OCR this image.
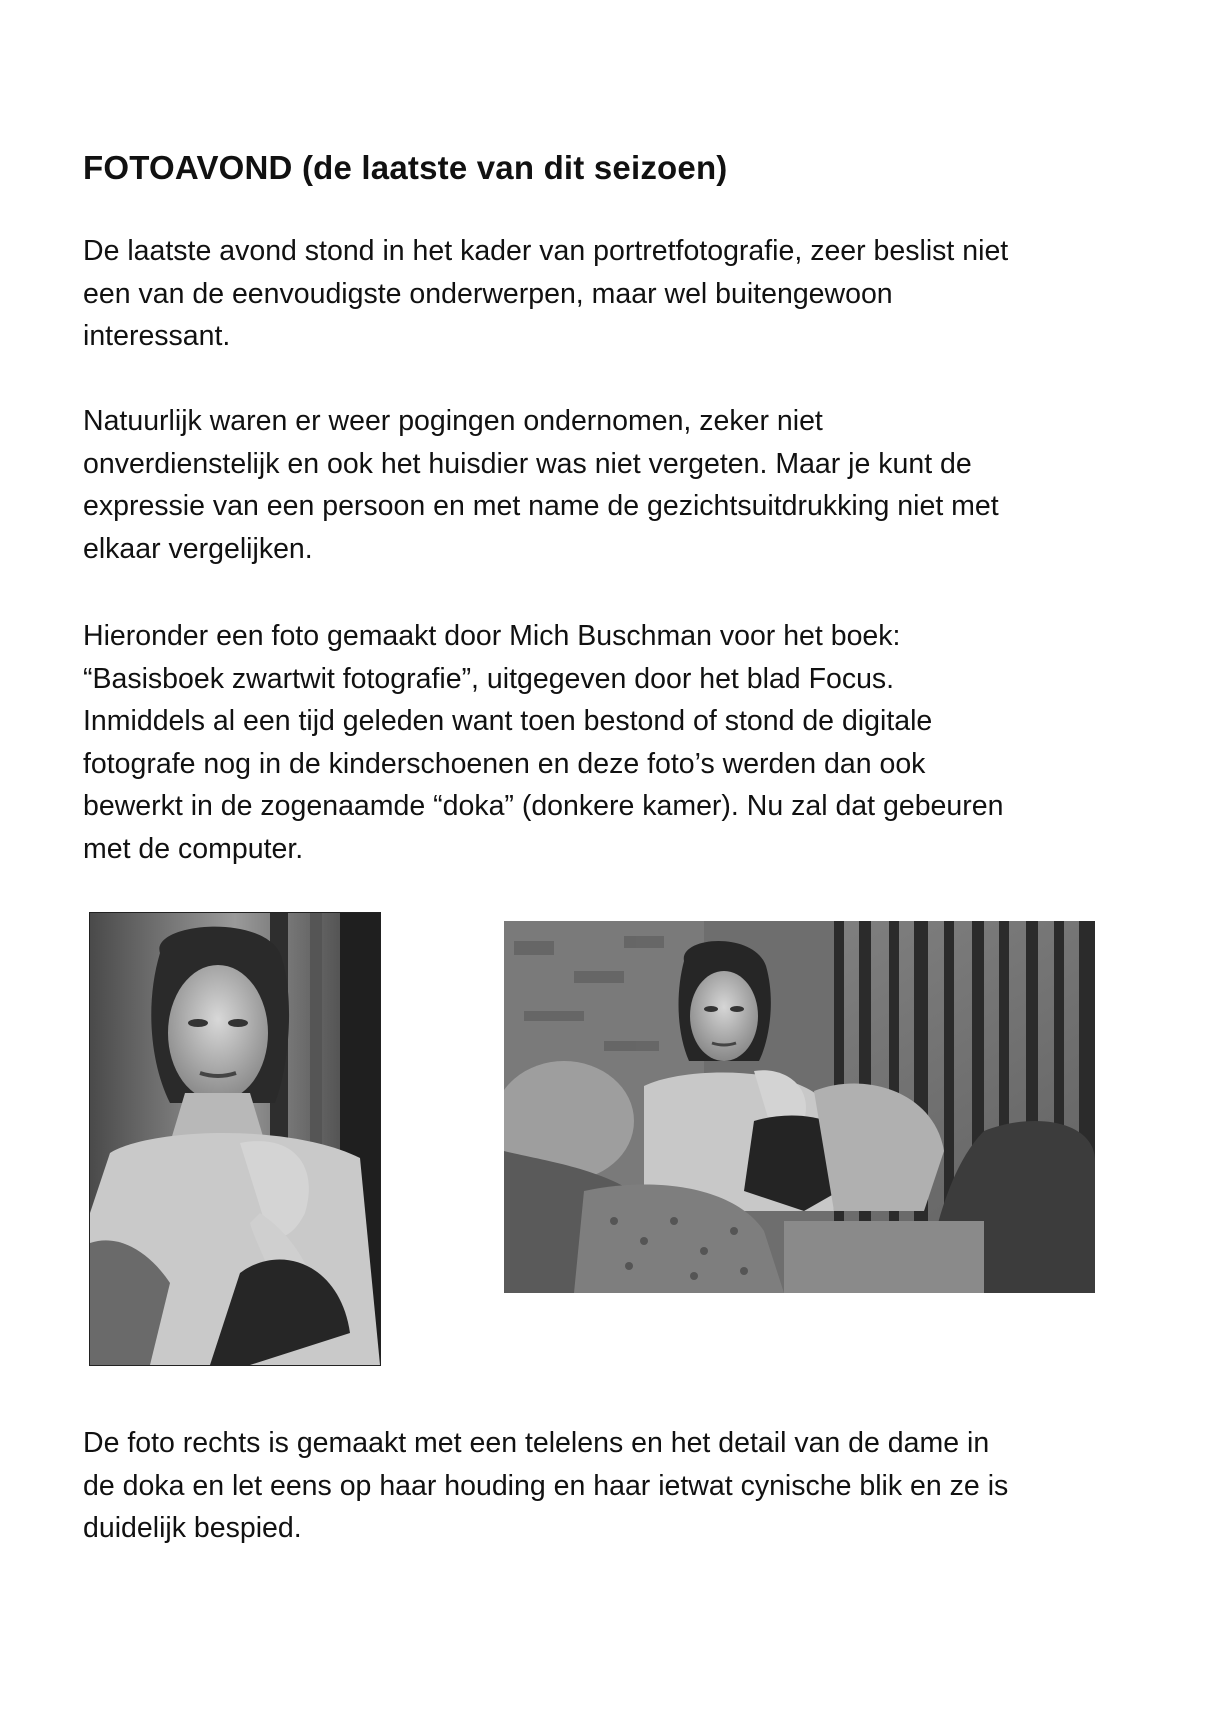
FOTOAVOND (de laatste van dit seizoen)

De laatste avond stond in het kader van portretfotografie, zeer beslist niet
een van de eenvoudigste onderwerpen, maar wel buitengewoon
interessant.

Natuurlijk waren er weer pogingen ondernomen, zeker niet
onverdienstelijk en ook het huisdier was niet vergeten. Maar je kunt de
expressie van een persoon en met name de gezichtsuitdrukking niet met
elkaar vergelijken.

Hieronder een foto gemaakt door Mich Buschman voor het boek:
“Basisboek zwartwit fotografie”, uitgegeven door het blad Focus.
Inmiddels al een tijd geleden want toen bestond of stond de digitale
fotografe nog in de kinderschoenen en deze foto’s werden dan ook
bewerkt in de zogenaamde “doka” (donkere kamer). Nu zal dat gebeuren
met de computer.

De foto rechts is gemaakt met een telelens en het detail van de dame in
de doka en let eens op haar houding en haar ietwat cynische blik en ze is
duidelijk bespied.
